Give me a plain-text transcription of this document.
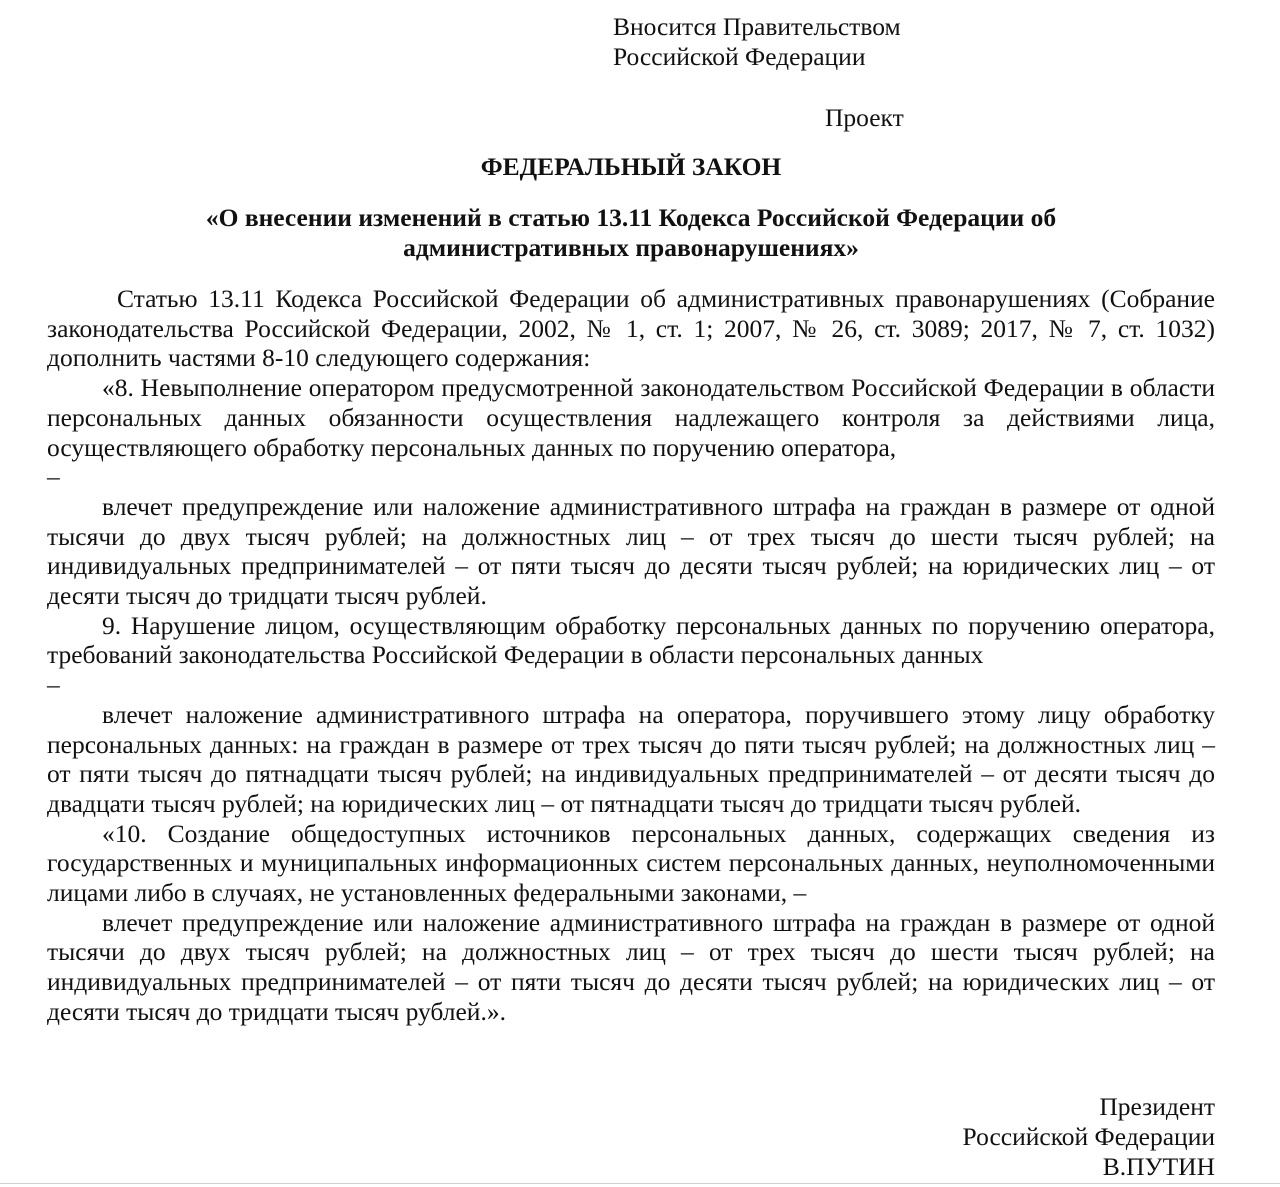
Вносится Правительством
Российской Федерации
Проект
ФЕДЕРАЛЬНЫЙ ЗАКОН
«О внесении изменений в статью 13.11 Кодекса Российской Федерации об административных правонарушениях»

Статью 13.11 Кодекса Российской Федерации об административных правонарушениях (Собрание законодательства Российской Федерации, 2002, № 1, ст. 1; 2007, № 26, ст. 3089; 2017, № 7, ст. 1032) дополнить частями 8-10 следующего содержания:

«8. Невыполнение оператором предусмотренной законодательством Российской Федерации в области персональных данных обязанности осуществления надлежащего контроля за действиями лица, осуществляющего обработку персональных данных по поручению оператора,

–

влечет предупреждение или наложение административного штрафа на граждан в размере от одной тысячи до двух тысяч рублей; на должностных лиц – от трех тысяч до шести тысяч рублей; на индивидуальных предпринимателей – от пяти тысяч до десяти тысяч рублей; на юридических лиц – от десяти тысяч до тридцати тысяч рублей.

9. Нарушение лицом, осуществляющим обработку персональных данных по поручению оператора, требований законодательства Российской Федерации в области персональных данных

–

влечет наложение административного штрафа на оператора, поручившего этому лицу обработку персональных данных: на граждан в размере от трех тысяч до пяти тысяч рублей; на должностных лиц – от пяти тысяч до пятнадцати тысяч рублей; на индивидуальных предпринимателей – от десяти тысяч до двадцати тысяч рублей; на юридических лиц – от пятнадцати тысяч до тридцати тысяч рублей.

«10. Создание общедоступных источников персональных данных, содержащих сведения из государственных и муниципальных информационных систем персональных данных, неуполномоченными лицами либо в случаях, не установленных федеральными законами, –

влечет предупреждение или наложение административного штрафа на граждан в размере от одной тысячи до двух тысяч рублей; на должностных лиц – от трех тысяч до шести тысяч рублей; на индивидуальных предпринимателей – от пяти тысяч до десяти тысяч рублей; на юридических лиц – от десяти тысяч до тридцати тысяч рублей.».

Президент
Российской Федерации
В.ПУТИН
